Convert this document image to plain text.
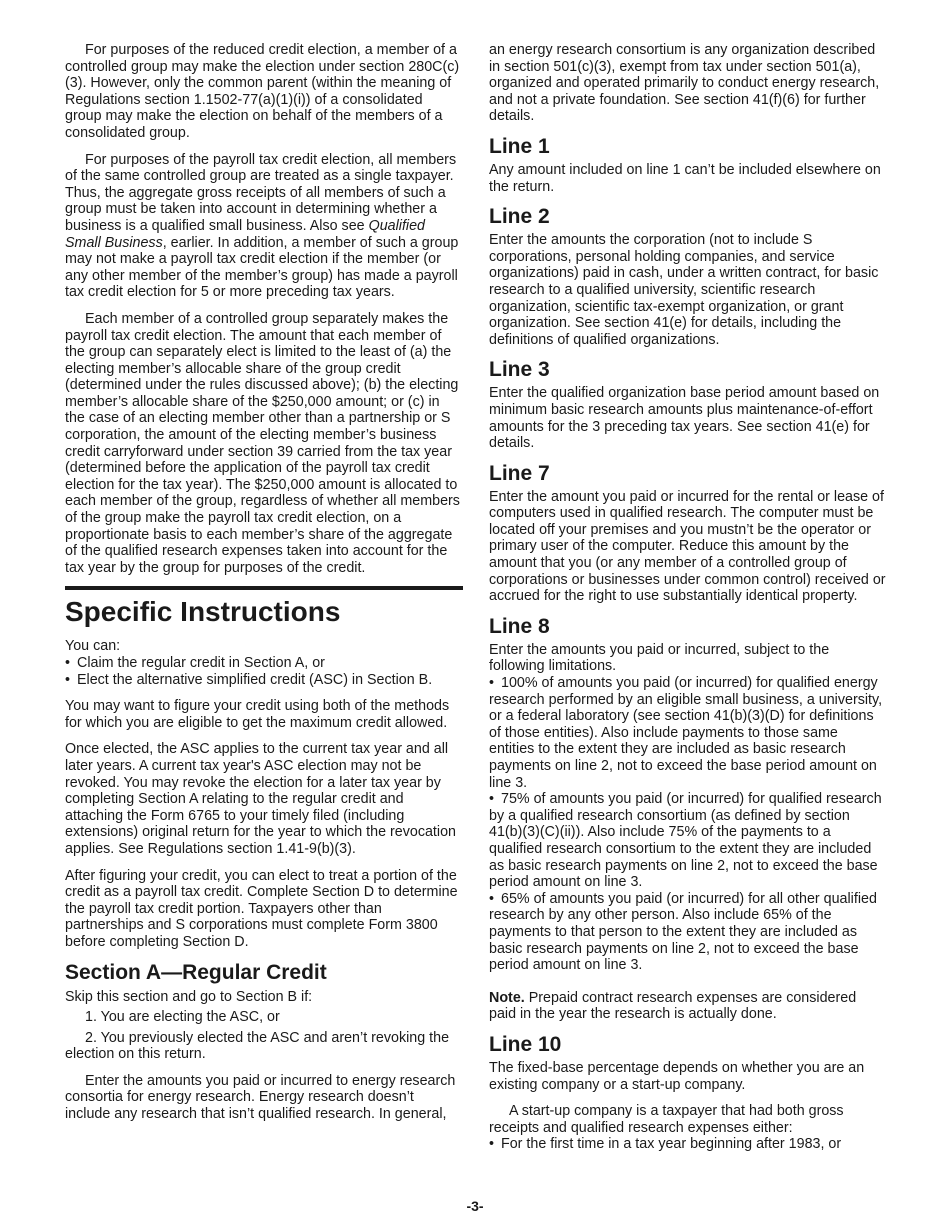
For purposes of the reduced credit election, a member of a controlled group may make the election under section 280C(c)(3). However, only the common parent (within the meaning of Regulations section 1.1502-77(a)(1)(i)) of a consolidated group may make the election on behalf of the members of a consolidated group.

For purposes of the payroll tax credit election, all members of the same controlled group are treated as a single taxpayer. Thus, the aggregate gross receipts of all members of such a group must be taken into account in determining whether a business is a qualified small business. Also see Qualified Small Business, earlier. In addition, a member of such a group may not make a payroll tax credit election if the member (or any other member of the member’s group) has made a payroll tax credit election for 5 or more preceding tax years.

Each member of a controlled group separately makes the payroll tax credit election. The amount that each member of the group can separately elect is limited to the least of (a) the electing member’s allocable share of the group credit (determined under the rules discussed above); (b) the electing member’s allocable share of the $250,000 amount; or (c) in the case of an electing member other than a partnership or S corporation, the amount of the electing member’s business credit carryforward under section 39 carried from the tax year (determined before the application of the payroll tax credit election for the tax year). The $250,000 amount is allocated to each member of the group, regardless of whether all members of the group make the payroll tax credit election, on a proportionate basis to each member’s share of the aggregate of the qualified research expenses taken into account for the tax year by the group for purposes of the credit.

Specific Instructions

You can:

• Claim the regular credit in Section A, or
• Elect the alternative simplified credit (ASC) in Section B.

You may want to figure your credit using both of the methods for which you are eligible to get the maximum credit allowed.

Once elected, the ASC applies to the current tax year and all later years. A current tax year's ASC election may not be revoked. You may revoke the election for a later tax year by completing Section A relating to the regular credit and attaching the Form 6765 to your timely filed (including extensions) original return for the year to which the revocation applies. See Regulations section 1.41-9(b)(3).

After figuring your credit, you can elect to treat a portion of the credit as a payroll tax credit. Complete Section D to determine the payroll tax credit portion. Taxpayers other than partnerships and S corporations must complete Form 3800 before completing Section D.

Section A—Regular Credit

Skip this section and go to Section B if:

1. You are electing the ASC, or

2. You previously elected the ASC and aren’t revoking the election on this return.

Enter the amounts you paid or incurred to energy research consortia for energy research. Energy research doesn’t include any research that isn’t qualified research. In general,

an energy research consortium is any organization described in section 501(c)(3), exempt from tax under section 501(a), organized and operated primarily to conduct energy research, and not a private foundation. See section 41(f)(6) for further details.

Line 1

Any amount included on line 1 can’t be included elsewhere on the return.

Line 2

Enter the amounts the corporation (not to include S corporations, personal holding companies, and service organizations) paid in cash, under a written contract, for basic research to a qualified university, scientific research organization, scientific tax-exempt organization, or grant organization. See section 41(e) for details, including the definitions of qualified organizations.

Line 3

Enter the qualified organization base period amount based on minimum basic research amounts plus maintenance-of-effort amounts for the 3 preceding tax years. See section 41(e) for details.

Line 7

Enter the amount you paid or incurred for the rental or lease of computers used in qualified research. The computer must be located off your premises and you mustn’t be the operator or primary user of the computer. Reduce this amount by the amount that you (or any member of a controlled group of corporations or businesses under common control) received or accrued for the right to use substantially identical property.

Line 8

Enter the amounts you paid or incurred, subject to the following limitations.

• 100% of amounts you paid (or incurred) for qualified energy research performed by an eligible small business, a university, or a federal laboratory (see section 41(b)(3)(D) for definitions of those entities). Also include payments to those same entities to the extent they are included as basic research payments on line 2, not to exceed the base period amount on line 3.

• 75% of amounts you paid (or incurred) for qualified research by a qualified research consortium (as defined by section 41(b)(3)(C)(ii)). Also include 75% of the payments to a qualified research consortium to the extent they are included as basic research payments on line 2, not to exceed the base period amount on line 3.

• 65% of amounts you paid (or incurred) for all other qualified research by any other person. Also include 65% of the payments to that person to the extent they are included as basic research payments on line 2, not to exceed the base period amount on line 3.

Note. Prepaid contract research expenses are considered paid in the year the research is actually done.

Line 10

The fixed-base percentage depends on whether you are an existing company or a start-up company.

A start-up company is a taxpayer that had both gross receipts and qualified research expenses either:

• For the first time in a tax year beginning after 1983, or

-3-
